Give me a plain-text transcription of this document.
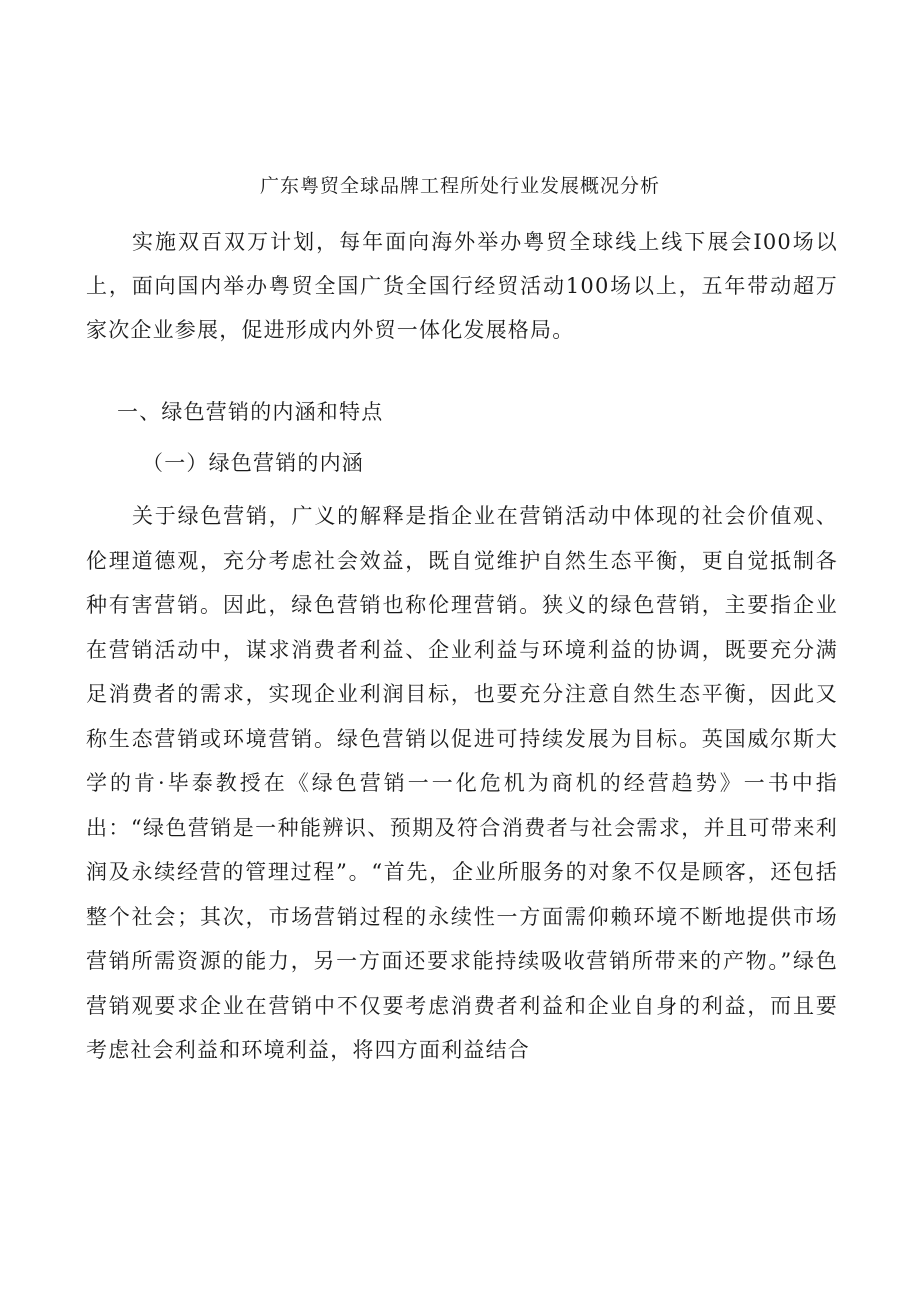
广东粤贸全球品牌工程所处行业发展概况分析

实施双百双万计划，每年面向海外举办粤贸全球线上线下展会I00场以上，面向国内举办粤贸全国广货全国行经贸活动100场以上，五年带动超万家次企业参展，促进形成内外贸一体化发展格局。

一、绿色营销的内涵和特点
（一）绿色营销的内涵

关于绿色营销，广义的解释是指企业在营销活动中体现的社会价值观、伦理道德观，充分考虑社会效益，既自觉维护自然生态平衡，更自觉抵制各种有害营销。因此，绿色营销也称伦理营销。狭义的绿色营销，主要指企业在营销活动中，谋求消费者利益、企业利益与环境利益的协调，既要充分满足消费者的需求，实现企业利润目标，也要充分注意自然生态平衡，因此又称生态营销或环境营销。绿色营销以促进可持续发展为目标。英国威尔斯大学的肯·毕泰教授在《绿色营销一一化危机为商机的经营趋势》一书中指出：“绿色营销是一种能辨识、预期及符合消费者与社会需求，并且可带来利润及永续经营的管理过程”。“首先，企业所服务的对象不仅是顾客，还包括整个社会；其次，市场营销过程的永续性一方面需仰赖环境不断地提供市场营销所需资源的能力，另一方面还要求能持续吸收营销所带来的产物。”绿色营销观要求企业在营销中不仅要考虑消费者利益和企业自身的利益，而且要考虑社会利益和环境利益，将四方面利益结合
